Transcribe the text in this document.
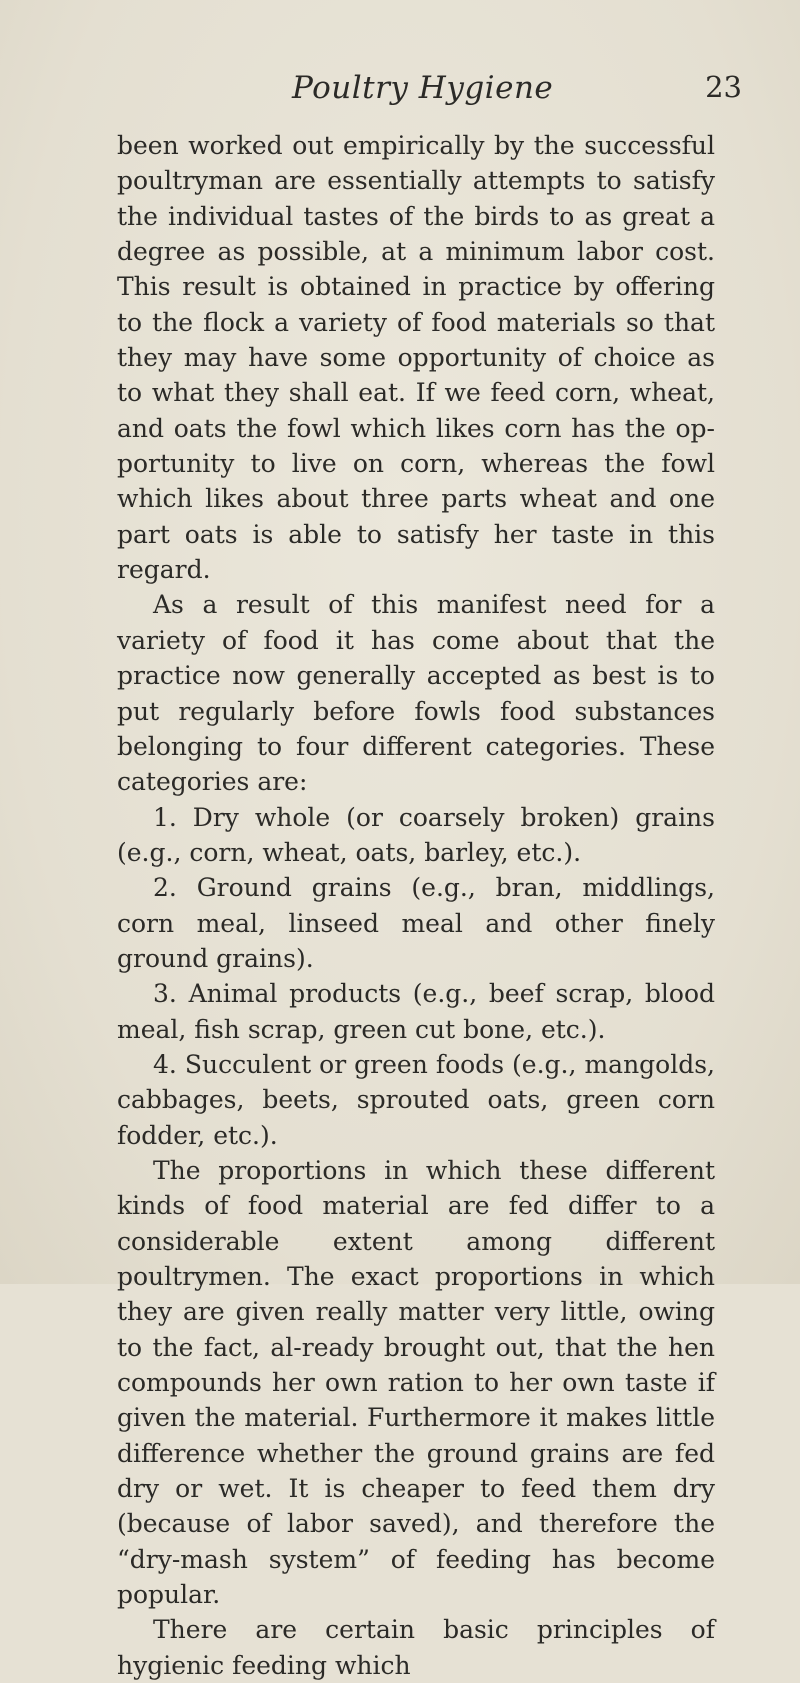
Poultry Hygiene	23

been worked out empirically by the successful poultryman are essentially attempts to satisfy the individual tastes of the birds to as great a degree as possible, at a minimum labor cost. This result is obtained in practice by offering to the flock a variety of food materials so that they may have some opportunity of choice as to what they shall eat. If we feed corn, wheat, and oats the fowl which likes corn has the op-portunity to live on corn, whereas the fowl which likes about three parts wheat and one part oats is able to satisfy her taste in this regard.

As a result of this manifest need for a variety of food it has come about that the practice now generally accepted as best is to put regularly before fowls food substances belonging to four different categories. These categories are:

1. Dry whole (or coarsely broken) grains (e.g., corn, wheat, oats, barley, etc.).

2. Ground grains (e.g., bran, middlings, corn meal, linseed meal and other finely ground grains).

3. Animal products (e.g., beef scrap, blood meal, fish scrap, green cut bone, etc.).

4. Succulent or green foods (e.g., mangolds, cabbages, beets, sprouted oats, green corn fodder, etc.).

The proportions in which these different kinds of food material are fed differ to a considerable extent among different poultrymen. The exact proportions in which they are given really matter very little, owing to the fact, al-ready brought out, that the hen compounds her own ration to her own taste if given the material. Furthermore it makes little difference whether the ground grains are fed dry or wet. It is cheaper to feed them dry (because of labor saved), and therefore the “dry-mash system” of feeding has become popular.

There are certain basic principles of hygienic feeding which
